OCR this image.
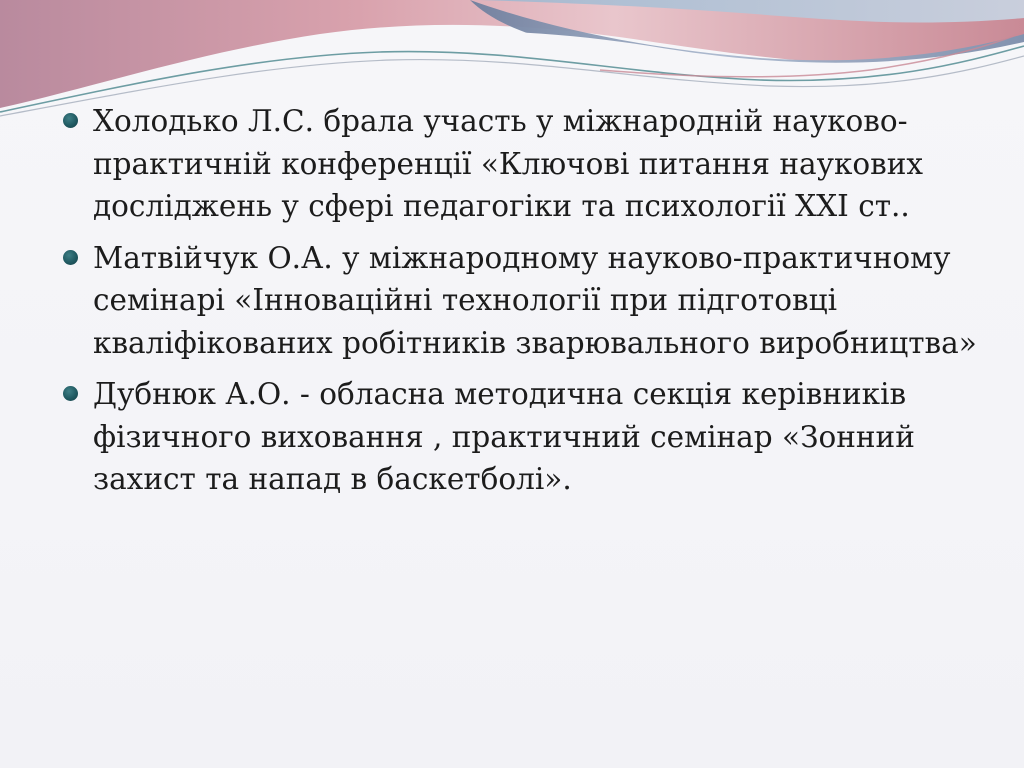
Холодько Л.С. брала участь у міжнародній науково-практичній конференції «Ключові питання наукових досліджень у сфері педагогіки та психології XXI ст..
Матвійчук О.А. у міжнародному науково-практичному семінарі «Інноваційні технології при підготовці кваліфікованих робітників зварювального виробництва»
Дубнюк А.О. - обласна методична секція керівників фізичного виховання , практичний семінар «Зонний захист та напад в баскетболі».
